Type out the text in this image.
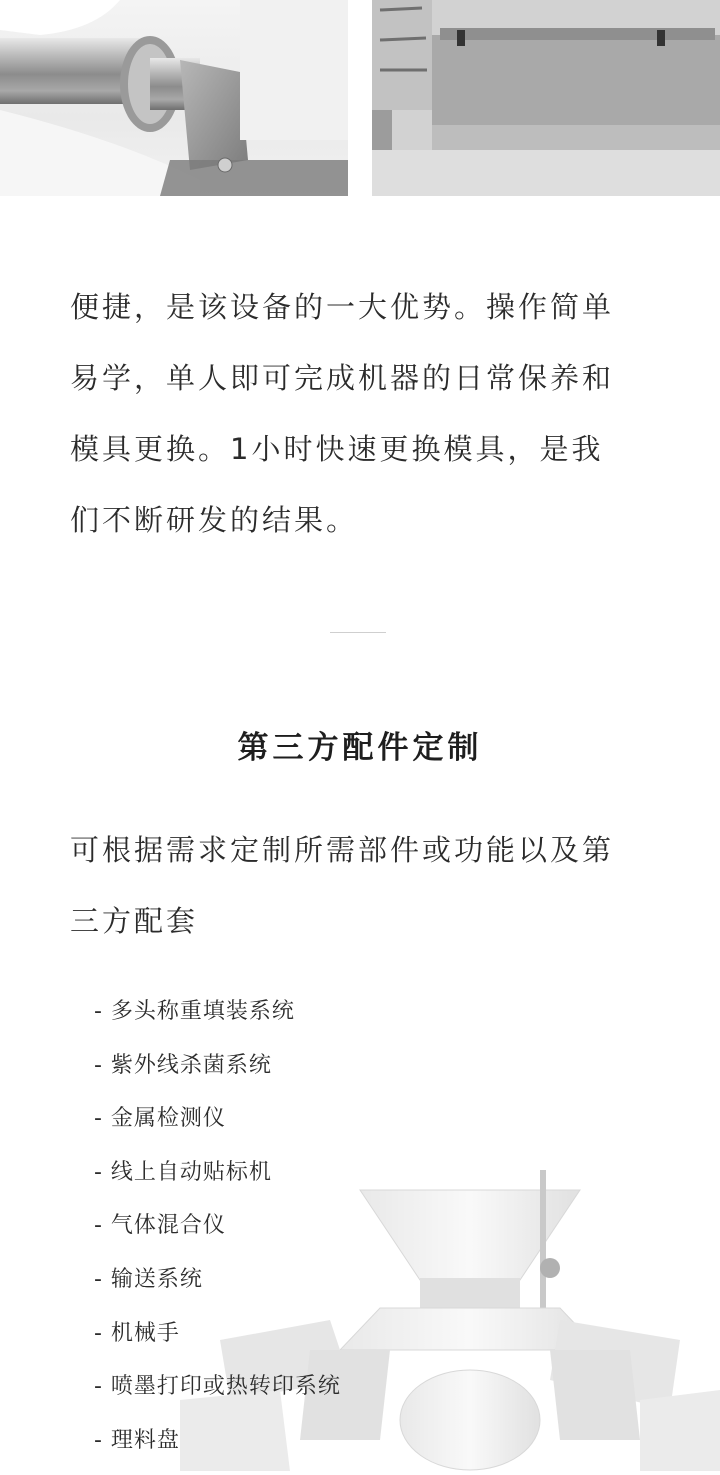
便捷，是该设备的一大优势。操作简单
易学，单人即可完成机器的日常保养和
模具更换。1小时快速更换模具，是我
们不断研发的结果。
第三方配件定制
可根据需求定制所需部件或功能以及第
三方配套
- 多头称重填装系统
- 紫外线杀菌系统
- 金属检测仪
- 线上自动贴标机
- 气体混合仪
- 输送系统
- 机械手
- 喷墨打印或热转印系统
- 理料盘
